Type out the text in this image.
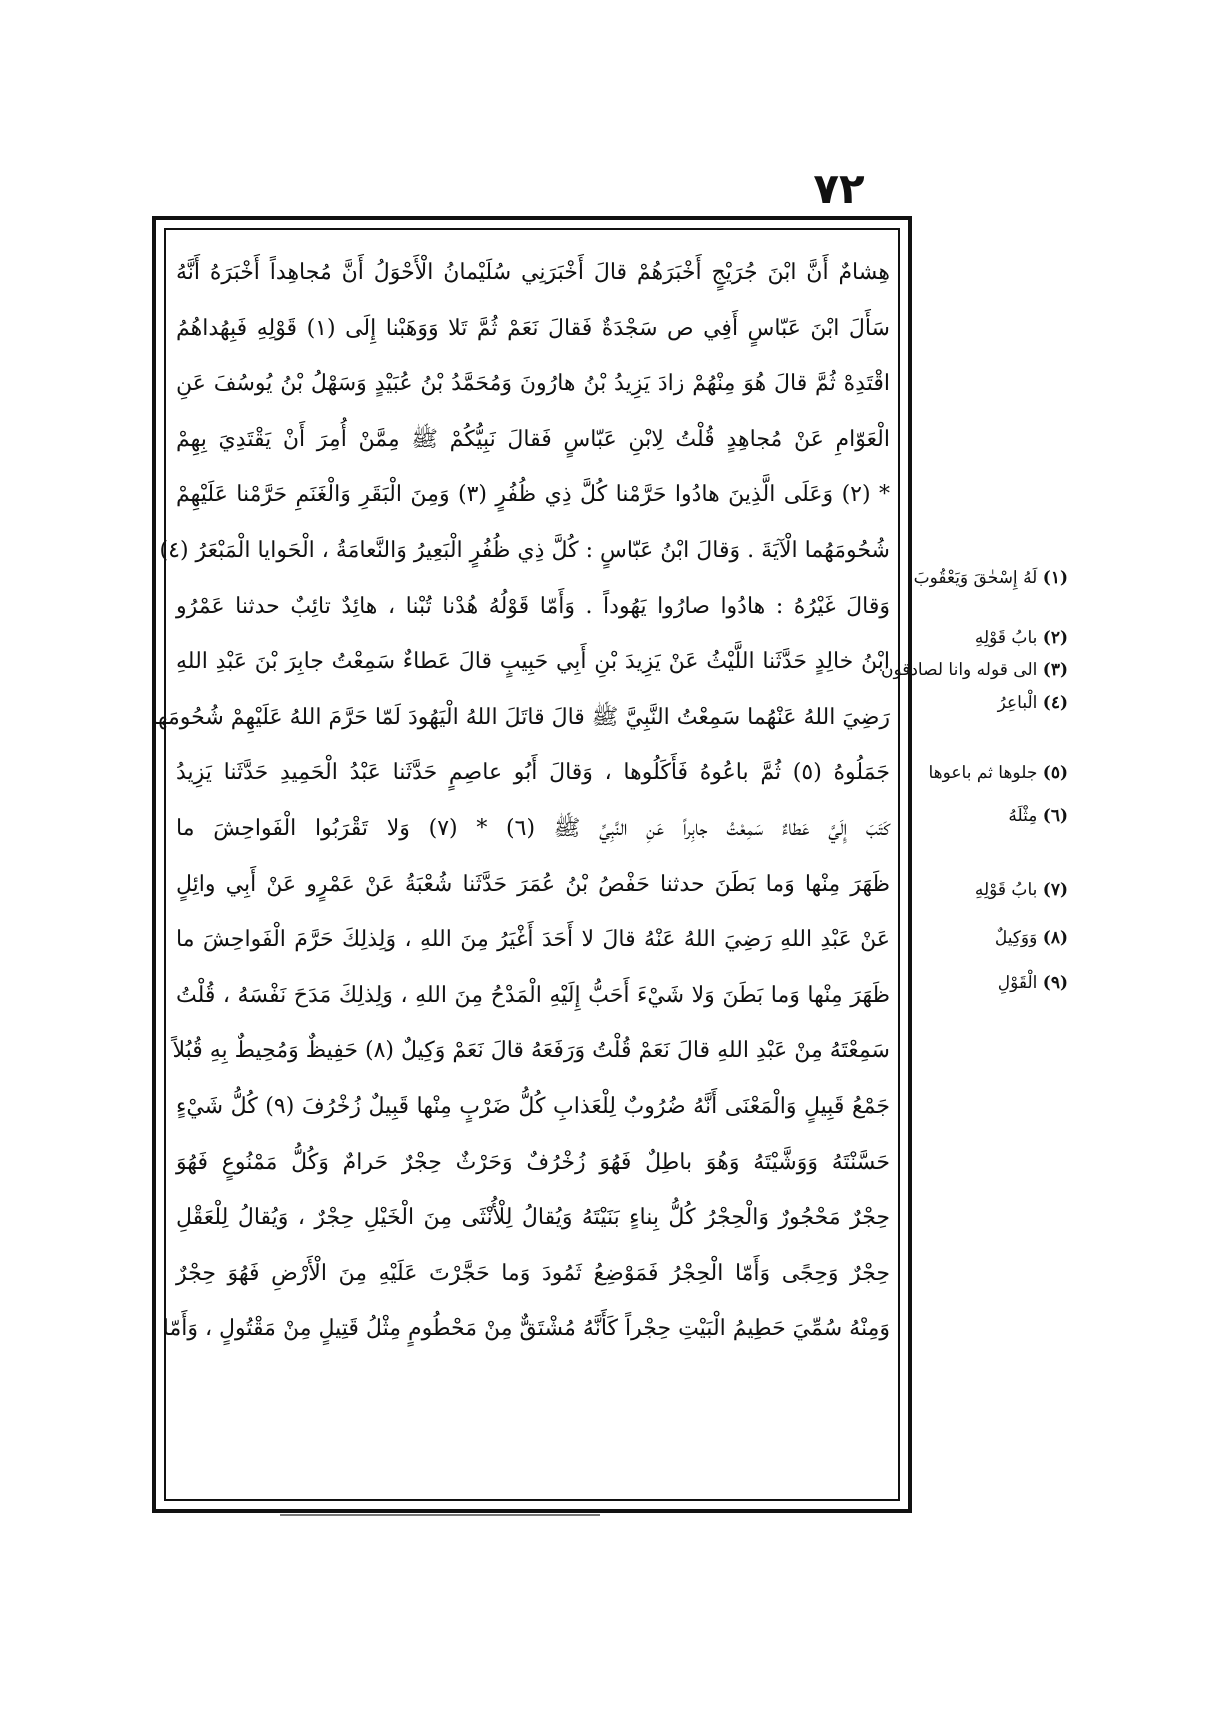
٧٢
هِشامٌ أَنَّ ابْنَ جُرَيْجٍ أَخْبَرَهُمْ قالَ أَخْبَرَنِي سُلَيْمانُ الْأَحْوَلُ أَنَّ مُجاهِداً أَخْبَرَهُ أَنَّهُ
سَأَلَ ابْنَ عَبّاسٍ أَفِي ص سَجْدَةٌ فَقالَ نَعَمْ ثُمَّ تَلا وَوَهَبْنا إِلَى (١) قَوْلِهِ فَبِهُداهُمُ
اقْتَدِهْ ثُمَّ قالَ هُوَ مِنْهُمْ زادَ يَزِيدُ بْنُ هارُونَ وَمُحَمَّدُ بْنُ عُبَيْدٍ وَسَهْلُ بْنُ يُوسُفَ عَنِ
الْعَوّامِ عَنْ مُجاهِدٍ قُلْتُ لِابْنِ عَبّاسٍ فَقالَ نَبِيُّكُمْ ﷺ مِمَّنْ أُمِرَ أَنْ يَقْتَدِيَ بِهِمْ
* (٢) وَعَلَى الَّذِينَ هادُوا حَرَّمْنا كُلَّ ذِي ظُفُرٍ (٣) وَمِنَ الْبَقَرِ وَالْغَنَمِ حَرَّمْنا عَلَيْهِمْ
شُحُومَهُما الْآيَةَ . وَقالَ ابْنُ عَبّاسٍ : كُلَّ ذِي ظُفُرٍ الْبَعِيرُ وَالنَّعامَةُ ، الْحَوايا الْمَبْعَرُ (٤)
وَقالَ غَيْرُهُ : هادُوا صارُوا يَهُوداً . وَأَمّا قَوْلُهُ هُدْنا تُبْنا ، هائِدٌ تائِبٌ حدثنا عَمْرُو
ابْنُ خالِدٍ حَدَّثَنا اللَّيْثُ عَنْ يَزِيدَ بْنِ أَبِي حَبِيبٍ قالَ عَطاءٌ سَمِعْتُ جابِرَ بْنَ عَبْدِ اللهِ
رَضِيَ اللهُ عَنْهُما سَمِعْتُ النَّبِيَّ ﷺ قالَ قاتَلَ اللهُ الْيَهُودَ لَمّا حَرَّمَ اللهُ عَلَيْهِمْ شُحُومَها
جَمَلُوهُ (٥) ثُمَّ باعُوهُ فَأَكَلُوها ، وَقالَ أَبُو عاصِمٍ حَدَّثَنا عَبْدُ الْحَمِيدِ حَدَّثَنا يَزِيدُ
كَتَبَ إِلَيَّ عَطاءٌ سَمِعْتُ جابِراً عَنِ النَّبِيِّ ﷺ (٦) * (٧) وَلا تَقْرَبُوا الْفَواحِشَ ما
ظَهَرَ مِنْها وَما بَطَنَ حدثنا حَفْصُ بْنُ عُمَرَ حَدَّثَنا شُعْبَةُ عَنْ عَمْرٍو عَنْ أَبِي وائِلٍ
عَنْ عَبْدِ اللهِ رَضِيَ اللهُ عَنْهُ قالَ لا أَحَدَ أَغْيَرُ مِنَ اللهِ ، وَلِذلِكَ حَرَّمَ الْفَواحِشَ ما
ظَهَرَ مِنْها وَما بَطَنَ وَلا شَيْءَ أَحَبُّ إِلَيْهِ الْمَدْحُ مِنَ اللهِ ، وَلِذلِكَ مَدَحَ نَفْسَهُ ، قُلْتُ
سَمِعْتَهُ مِنْ عَبْدِ اللهِ قالَ نَعَمْ قُلْتُ وَرَفَعَهُ قالَ نَعَمْ وَكِيلٌ (٨) حَفِيظٌ وَمُحِيطٌ بِهِ قُبُلاً
جَمْعُ قَبِيلٍ وَالْمَعْنَى أَنَّهُ ضُرُوبٌ لِلْعَذابِ كُلُّ ضَرْبٍ مِنْها قَبِيلٌ زُخْرُفَ (٩) كُلُّ شَيْءٍ
حَسَّنْتَهُ وَوَشَّيْتَهُ وَهُوَ باطِلٌ فَهُوَ زُخْرُفٌ وَحَرْثٌ حِجْرٌ حَرامٌ وَكُلُّ مَمْنُوعٍ فَهُوَ
حِجْرٌ مَحْجُورٌ وَالْحِجْرُ كُلُّ بِناءٍ بَنَيْتَهُ وَيُقالُ لِلْأُنْثَى مِنَ الْخَيْلِ حِجْرٌ ، وَيُقالُ لِلْعَقْلِ
حِجْرٌ وَحِجًى وَأَمّا الْحِجْرُ فَمَوْضِعُ ثَمُودَ وَما حَجَّرْتَ عَلَيْهِ مِنَ الْأَرْضِ فَهُوَ حِجْرٌ
وَمِنْهُ سُمِّيَ حَطِيمُ الْبَيْتِ حِجْراً كَأَنَّهُ مُشْتَقٌّ مِنْ مَحْطُومٍ مِثْلُ قَتِيلٍ مِنْ مَقْتُولٍ ، وَأَمّا
(١) لَهُ إِسْحٰقَ وَيَعْقُوبَ
(٢) بابُ قَوْلِهِ
(٣) الى قوله وانا لصادقون
(٤) الْباعِرُ
(٥) جلوها ثم باعوها
(٦) مِثْلَهُ
(٧) بابُ قَوْلِهِ
(٨) وَوَكِيلٌ
(٩) الْقَوْلِ
